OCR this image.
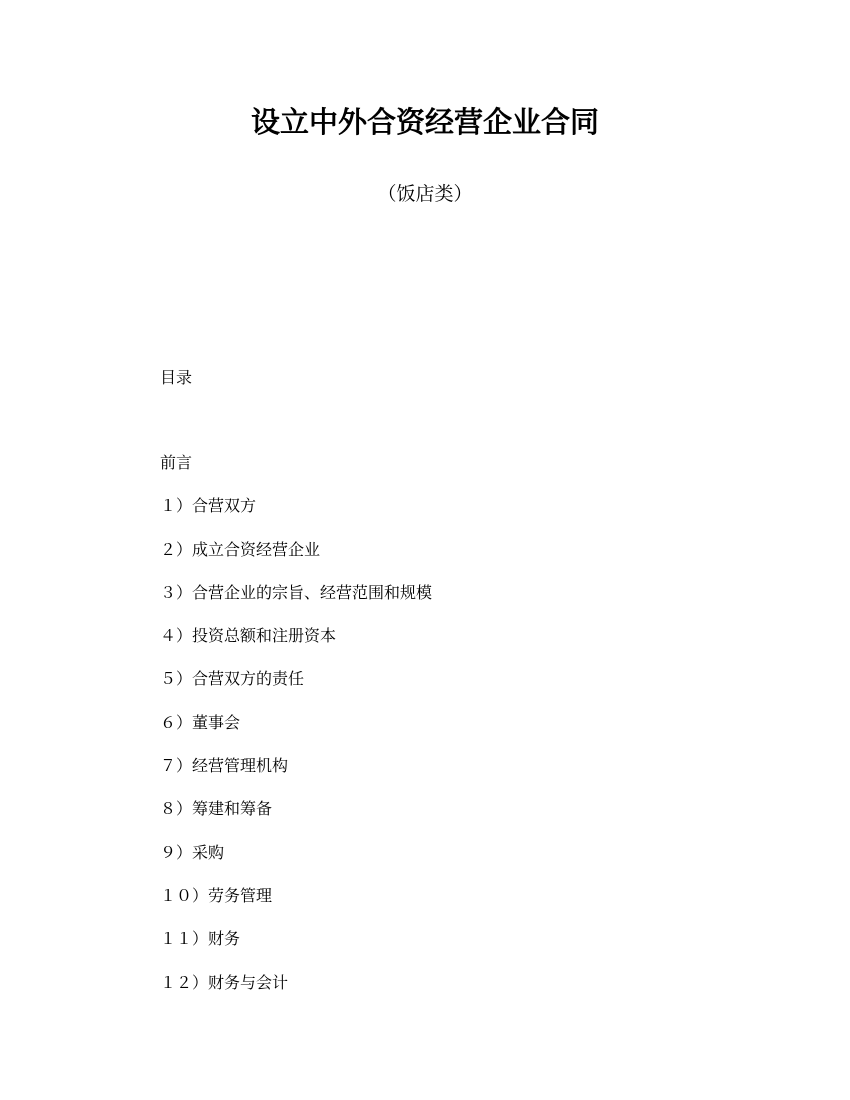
设立中外合资经营企业合同
（饭店类）
目录
前言
１）合营双方
２）成立合资经营企业
３）合营企业的宗旨、经营范围和规模
４）投资总额和注册资本
５）合营双方的责任
６）董事会
７）经营管理机构
８）筹建和筹备
９）采购
１０）劳务管理
１１）财务
１２）财务与会计
